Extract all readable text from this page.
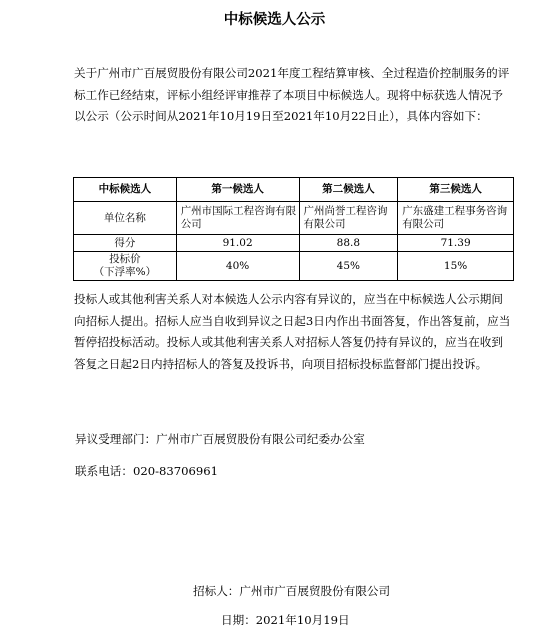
中标候选人公示
关于广州市广百展贸股份有限公司2021年度工程结算审核、全过程造价控制服务的评标工作已经结束，评标小组经评审推荐了本项目中标候选人。现将中标获选人情况予以公示（公示时间从2021年10月19日至2021年10月22日止），具体内容如下：
中标候选人	第一候选人	第二候选人	第三候选人
单位名称	广州市国际工程咨询有限公司	广州尚誉工程咨询有限公司	广东盛建工程事务咨询有限公司
得分	91.02	88.8	71.39

投标价
（下浮率%）	40%	45%	15%
投标人或其他利害关系人对本候选人公示内容有异议的，应当在中标候选人公示期间向招标人提出。招标人应当自收到异议之日起3日内作出书面答复，作出答复前，应当暂停招投标活动。投标人或其他利害关系人对招标人答复仍持有异议的，应当在收到答复之日起2日内持招标人的答复及投诉书，向项目招标投标监督部门提出投诉。
异议受理部门：广州市广百展贸股份有限公司纪委办公室
联系电话：020-83706961
招标人：广州市广百展贸股份有限公司
日期：2021年10月19日
